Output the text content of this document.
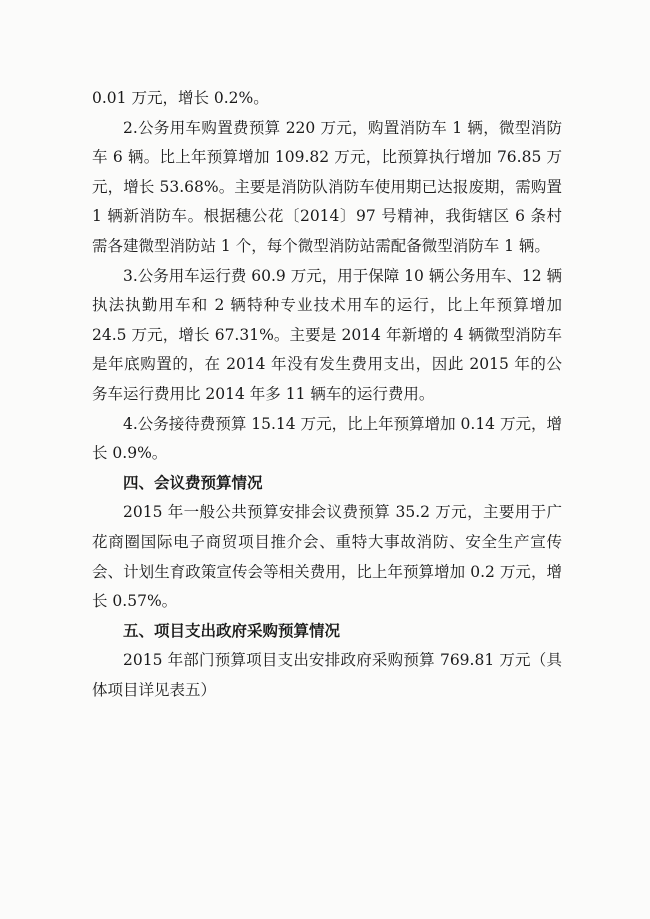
0.01 万元，增长 0.2%。

2.公务用车购置费预算 220 万元，购置消防车 1 辆，微型消防车 6 辆。比上年预算增加 109.82 万元，比预算执行增加 76.85 万元，增长 53.68%。主要是消防队消防车使用期已达报废期，需购置 1 辆新消防车。根据穗公花〔2014〕97 号精神，我街辖区 6 条村需各建微型消防站 1 个，每个微型消防站需配备微型消防车 1 辆。

3.公务用车运行费 60.9 万元，用于保障 10 辆公务用车、12 辆执法执勤用车和 2 辆特种专业技术用车的运行，比上年预算增加 24.5 万元，增长 67.31%。主要是 2014 年新增的 4 辆微型消防车是年底购置的，在 2014 年没有发生费用支出，因此 2015 年的公务车运行费用比 2014 年多 11 辆车的运行费用。

4.公务接待费预算 15.14 万元，比上年预算增加 0.14 万元，增长 0.9%。

四、会议费预算情况

2015 年一般公共预算安排会议费预算 35.2 万元，主要用于广花商圈国际电子商贸项目推介会、重特大事故消防、安全生产宣传会、计划生育政策宣传会等相关费用，比上年预算增加 0.2 万元，增长 0.57%。

五、项目支出政府采购预算情况

2015 年部门预算项目支出安排政府采购预算 769.81 万元（具体项目详见表五）
